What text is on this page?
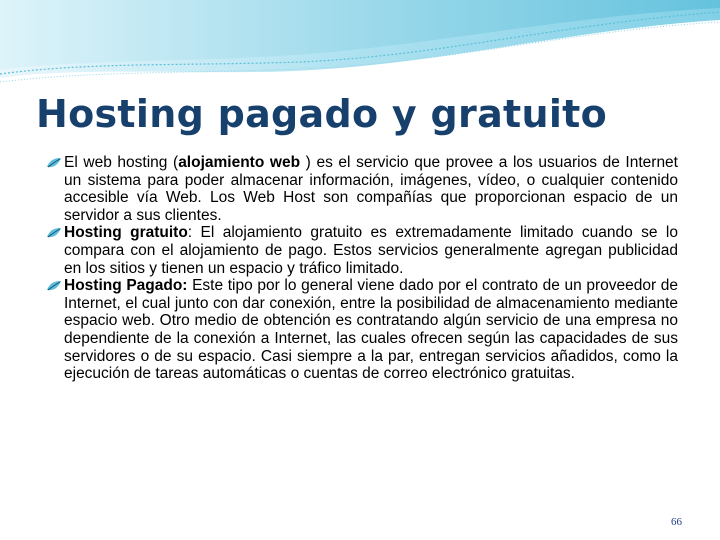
Hosting pagado y gratuito

El web hosting (alojamiento web ) es el servicio que provee a los usuarios de Internet un sistema para poder almacenar información, imágenes, vídeo, o cualquier contenido accesible vía Web. Los Web Host son compañías que proporcionan espacio de un servidor a sus clientes.

Hosting gratuito: El alojamiento gratuito es extremadamente limitado cuando se lo compara con el alojamiento de pago. Estos servicios generalmente agregan publicidad en los sitios y tienen un espacio y tráfico limitado.

Hosting Pagado: Este tipo por lo general viene dado por el contrato de un proveedor de Internet, el cual junto con dar conexión, entre la posibilidad de almacenamiento mediante espacio web. Otro medio de obtención es contratando algún servicio de una empresa no dependiente de la conexión a Internet, las cuales ofrecen según las capacidades de sus servidores o de su espacio. Casi siempre a la par, entregan servicios añadidos, como la ejecución de tareas automáticas o cuentas de correo electrónico gratuitas.

66
